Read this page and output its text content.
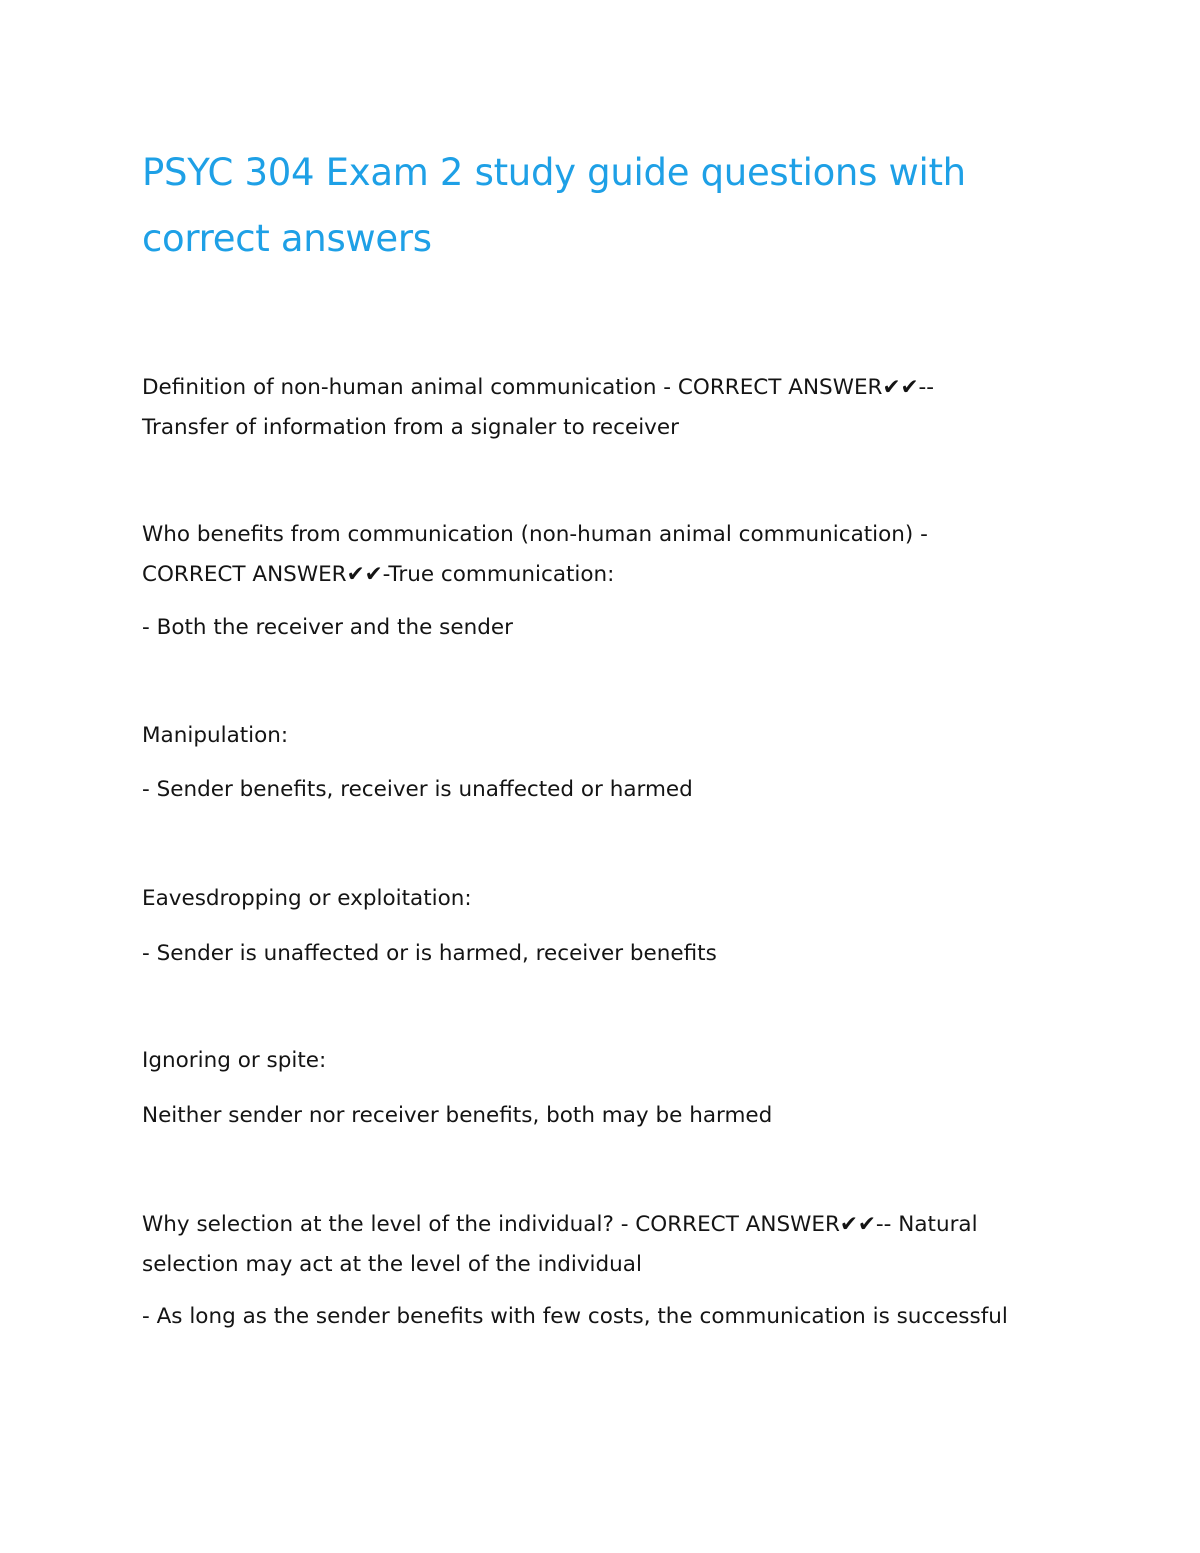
PSYC 304 Exam 2 study guide questions with
correct answers

Definition of non-human animal communication - CORRECT ANSWER✔✔--
Transfer of information from a signaler to receiver

Who benefits from communication (non-human animal communication) -
CORRECT ANSWER✔✔-True communication:

- Both the receiver and the sender

Manipulation:

- Sender benefits, receiver is unaffected or harmed

Eavesdropping or exploitation:

- Sender is unaffected or is harmed, receiver benefits

Ignoring or spite:

Neither sender nor receiver benefits, both may be harmed

Why selection at the level of the individual? - CORRECT ANSWER✔✔-- Natural
selection may act at the level of the individual

- As long as the sender benefits with few costs, the communication is successful
